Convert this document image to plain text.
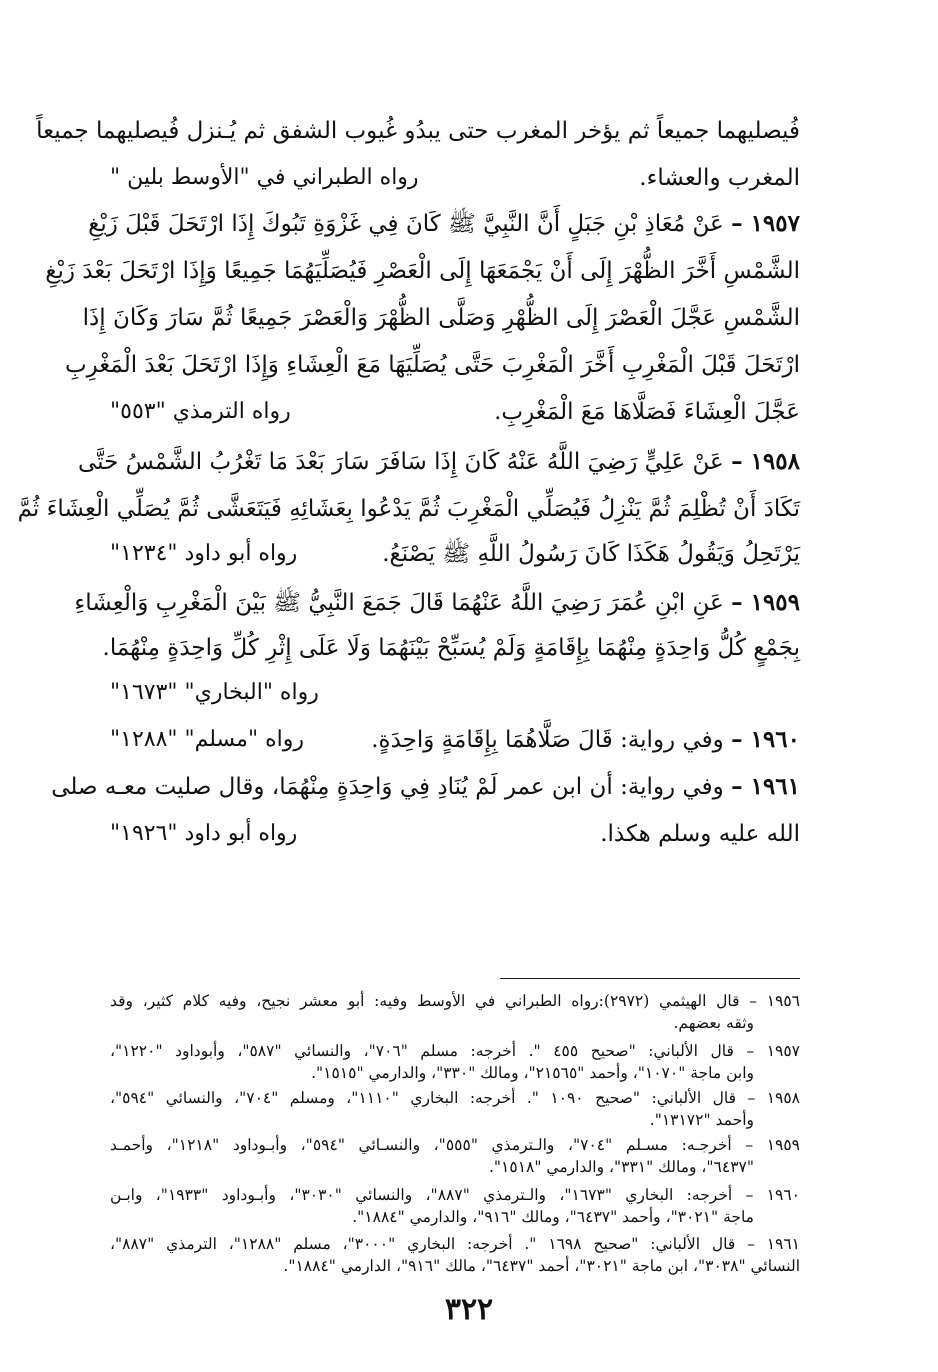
فُيصليهما جميعاً ثم يؤخر المغرب حتى يبدُو غُيوب الشفق ثم يُـنزل فُيصليهما جميعاً
المغرب والعشاء.
رواه الطبراني في "الأوسط بلين "
١٩٥٧ – عَنْ مُعَاذِ بْنِ جَبَلٍ أَنَّ النَّبِيَّ ﷺ كَانَ فِي غَزْوَةِ تَبُوكَ إِذَا ارْتَحَلَ قَبْلَ زَيْغِ
الشَّمْسِ أَخَّرَ الظُّهْرَ إِلَى أَنْ يَجْمَعَهَا إِلَى الْعَصْرِ فَيُصَلِّيَهُمَا جَمِيعًا وَإِذَا ارْتَحَلَ بَعْدَ زَيْغِ
الشَّمْسِ عَجَّلَ الْعَصْرَ إِلَى الظُّهْرِ وَصَلَّى الظُّهْرَ وَالْعَصْرَ جَمِيعًا ثُمَّ سَارَ وَكَانَ إِذَا
ارْتَحَلَ قَبْلَ الْمَغْرِبِ أَخَّرَ الْمَغْرِبَ حَتَّى يُصَلِّيَهَا مَعَ الْعِشَاءِ وَإِذَا ارْتَحَلَ بَعْدَ الْمَغْرِبِ
عَجَّلَ الْعِشَاءَ فَصَلَّاهَا مَعَ الْمَغْرِبِ.
رواه الترمذي "٥٥٣"
١٩٥٨ – عَنْ عَلِيٍّ رَضِيَ اللَّهُ عَنْهُ كَانَ إِذَا سَافَرَ سَارَ بَعْدَ مَا تَغْرُبُ الشَّمْسُ حَتَّى
تَكَادَ أَنْ تُظْلِمَ ثُمَّ يَنْزِلُ فَيُصَلِّي الْمَغْرِبَ ثُمَّ يَدْعُوا بِعَشَائِهِ فَيَتَعَشَّى ثُمَّ يُصَلِّي الْعِشَاءَ ثُمَّ
يَرْتَحِلُ وَيَقُولُ هَكَذَا كَانَ رَسُولُ اللَّهِ ﷺ يَصْنَعُ.
رواه أبو داود "١٢٣٤"
١٩٥٩ – عَنِ ابْنِ عُمَرَ رَضِيَ اللَّهُ عَنْهُمَا قَالَ جَمَعَ النَّبِيُّ ﷺ بَيْنَ الْمَغْرِبِ وَالْعِشَاءِ
بِجَمْعٍ كُلُّ وَاحِدَةٍ مِنْهُمَا بِإِقَامَةٍ وَلَمْ يُسَبِّحْ بَيْنَهُمَا وَلَا عَلَى إِثْرِ كُلِّ وَاحِدَةٍ مِنْهُمَا.
رواه "البخاري" "١٦٧٣"
١٩٦٠ – وفي رواية: قَالَ صَلَّاهُمَا بِإِقَامَةٍ وَاحِدَةٍ.
رواه "مسلم" "١٢٨٨"
١٩٦١ – وفي رواية: أن ابن عمر لَمْ يُنَادِ فِي وَاحِدَةٍ مِنْهُمَا، وقال صليت معـه صلى
الله عليه وسلم هكذا.
رواه أبو داود "١٩٢٦"
١٩٥٦ – قال الهيثمي (٢٩٧٢):رواه الطبراني في الأوسط وفيه: أبو معشر نجيح، وفيه كلام كثير، وقد
وثقه بعضهم.
١٩٥٧ – قال الألباني: "صحيح ٤٥٥ ". أخرجه: مسلم "٧٠٦"، والنسائي "٥٨٧"، وأبوداود "١٢٢٠"،
وابن ماجة "١٠٧٠"، وأحمد "٢١٥٦٥"، ومالك "٣٣٠"، والدارمي "١٥١٥".
١٩٥٨ – قال الألباني: "صحيح ١٠٩٠ ". أخرجه: البخاري "١١١٠"، ومسلم "٧٠٤"، والنسائي "٥٩٤"،
وأحمد "١٣١٧٢".
١٩٥٩ – أخرجـه: مسـلم "٧٠٤"، والـترمذي "٥٥٥"، والنسـائي "٥٩٤"، وأبـوداود "١٢١٨"، وأحمـد
"٦٤٣٧"، ومالك "٣٣١"، والدارمي "١٥١٨".
١٩٦٠ – أخرجه: البخاري "١٦٧٣"، والـترمذي "٨٨٧"، والنسائي "٣٠٣٠"، وأبـوداود "١٩٣٣"، وابـن
ماجة "٣٠٢١"، وأحمد "٦٤٣٧"، ومالك "٩١٦"، والدارمي "١٨٨٤".
١٩٦١ – قال الألباني: "صحيح ١٦٩٨ ". أخرجه: البخاري "٣٠٠٠"، مسلم "١٢٨٨"، الترمذي "٨٨٧"،
النسائي "٣٠٣٨"، ابن ماجة "٣٠٢١"، أحمد "٦٤٣٧"، مالك "٩١٦"، الدارمي "١٨٨٤".
٣٢٢
